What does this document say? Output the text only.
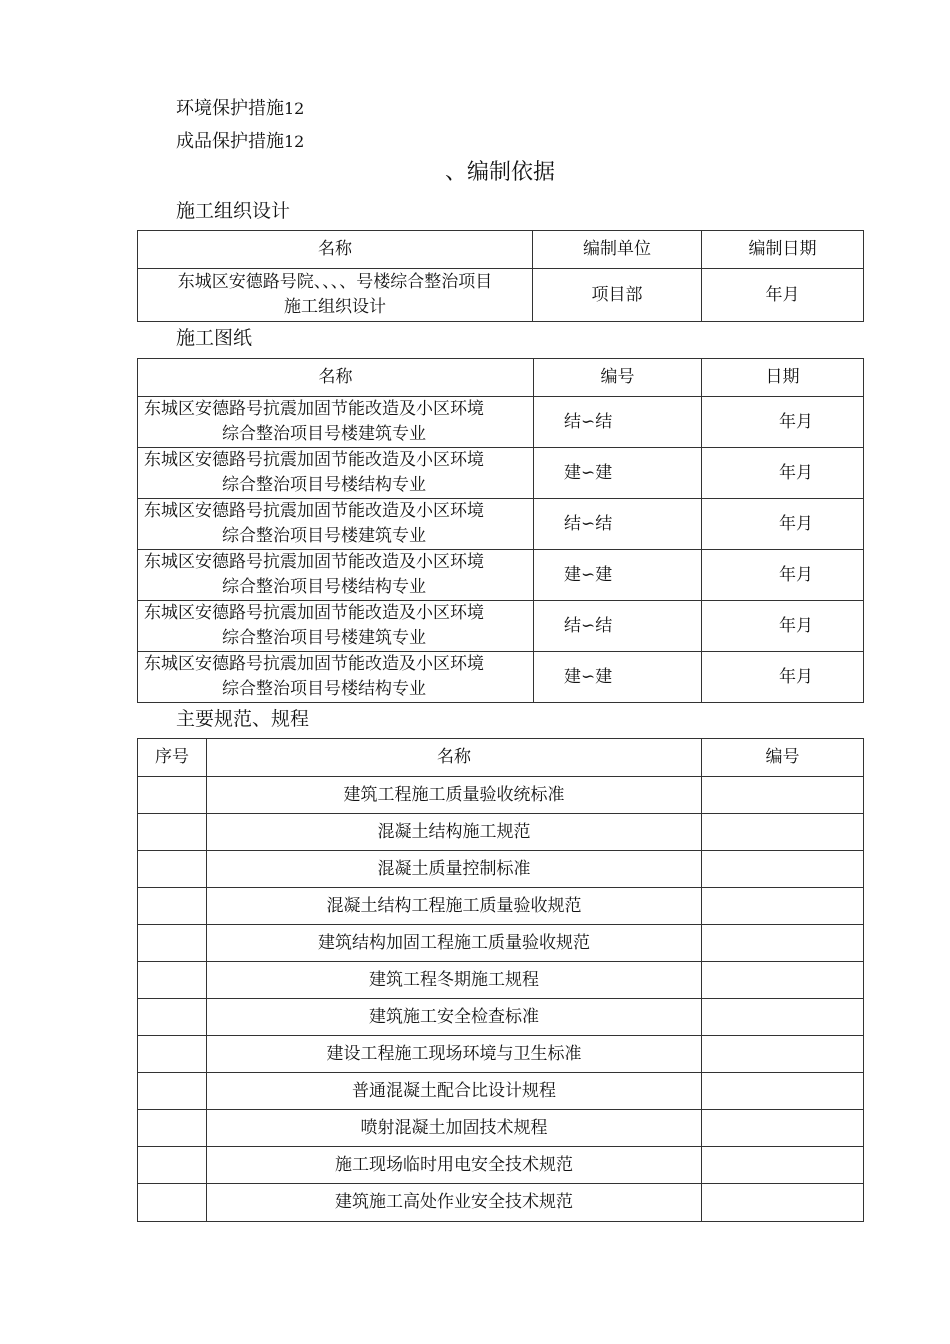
环境保护措施12
成品保护措施12
、编制依据
施工组织设计
名称	编制单位	编制日期

东城区安德路号院、、、、号楼综合整治项目
施工组织设计	项目部	年月
施工图纸
名称	编号	日期

东城区安德路号抗震加固节能改造及小区环境
综合整治项目号楼建筑专业	结∽结	年月

东城区安德路号抗震加固节能改造及小区环境
综合整治项目号楼结构专业	建∽建	年月

东城区安德路号抗震加固节能改造及小区环境
综合整治项目号楼建筑专业	结∽结	年月

东城区安德路号抗震加固节能改造及小区环境
综合整治项目号楼结构专业	建∽建	年月

东城区安德路号抗震加固节能改造及小区环境
综合整治项目号楼建筑专业	结∽结	年月

东城区安德路号抗震加固节能改造及小区环境
综合整治项目号楼结构专业	建∽建	年月
主要规范、规程
序号	名称	编号
	建筑工程施工质量验收统标准	
	混凝土结构施工规范	
	混凝土质量控制标准	
	混凝土结构工程施工质量验收规范	
	建筑结构加固工程施工质量验收规范	
	建筑工程冬期施工规程	
	建筑施工安全检查标准	
	建设工程施工现场环境与卫生标准	
	普通混凝土配合比设计规程	
	喷射混凝土加固技术规程	
	施工现场临时用电安全技术规范	
	建筑施工高处作业安全技术规范	
